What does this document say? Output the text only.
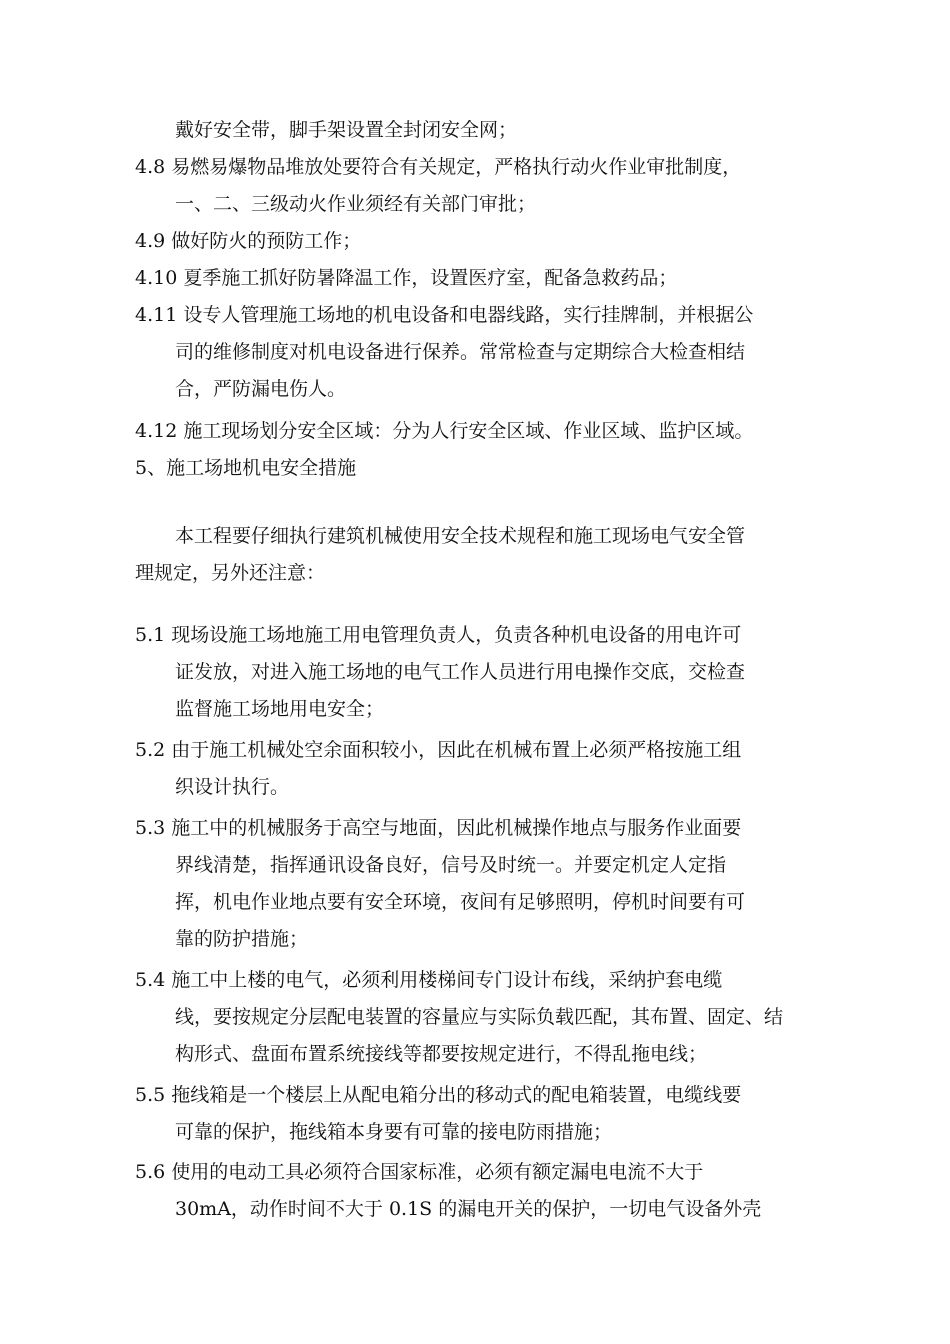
戴好安全带，脚手架设置全封闭安全网；
4.8 易燃易爆物品堆放处要符合有关规定，严格执行动火作业审批制度，
一、二、三级动火作业须经有关部门审批；
4.9 做好防火的预防工作；
4.10 夏季施工抓好防暑降温工作，设置医疗室，配备急救药品；
4.11 设专人管理施工场地的机电设备和电器线路，实行挂牌制，并根据公
司的维修制度对机电设备进行保养。常常检查与定期综合大检查相结
合，严防漏电伤人。
4.12 施工现场划分安全区域：分为人行安全区域、作业区域、监护区域。
5、施工场地机电安全措施
本工程要仔细执行建筑机械使用安全技术规程和施工现场电气安全管
理规定，另外还注意：
5.1 现场设施工场地施工用电管理负责人，负责各种机电设备的用电许可
证发放，对进入施工场地的电气工作人员进行用电操作交底，交检查
监督施工场地用电安全；
5.2 由于施工机械处空余面积较小，因此在机械布置上必须严格按施工组
织设计执行。
5.3 施工中的机械服务于高空与地面，因此机械操作地点与服务作业面要
界线清楚，指挥通讯设备良好，信号及时统一。并要定机定人定指
挥，机电作业地点要有安全环境，夜间有足够照明，停机时间要有可
靠的防护措施；
5.4 施工中上楼的电气，必须利用楼梯间专门设计布线，采纳护套电缆
线，要按规定分层配电装置的容量应与实际负载匹配，其布置、固定、结
构形式、盘面布置系统接线等都要按规定进行，不得乱拖电线；
5.5 拖线箱是一个楼层上从配电箱分出的移动式的配电箱装置，电缆线要
可靠的保护，拖线箱本身要有可靠的接电防雨措施；
5.6 使用的电动工具必须符合国家标准，必须有额定漏电电流不大于
30mA，动作时间不大于 0.1S 的漏电开关的保护，一切电气设备外壳
